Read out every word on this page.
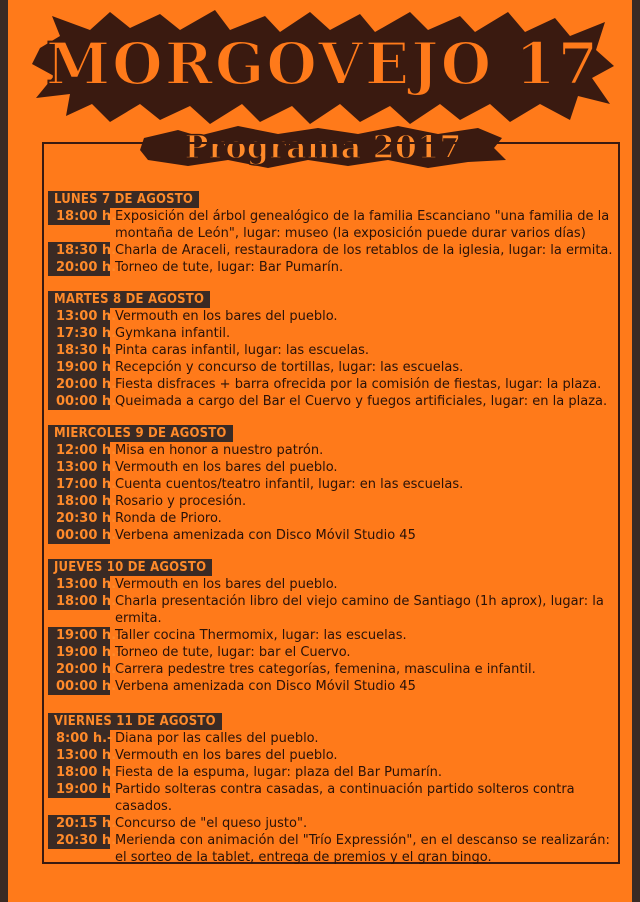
MORGOVEJO 17
Programa 2017
LUNES 7 DE AGOSTO
18:00 h.-
Exposición del árbol genealógico de la familia Escanciano "una familia de la montaña de León", lugar: museo (la exposición puede durar varios días)
18:30 h.-
Charla de Araceli, restauradora de los retablos de la iglesia, lugar: la ermita.
20:00 h.-
Torneo de tute, lugar: Bar Pumarín.
MARTES 8 DE AGOSTO
13:00 h.-
Vermouth en los bares del pueblo.
17:30 h.-
Gymkana infantil.
18:30 h.-
Pinta caras infantil, lugar: las escuelas.
19:00 h.-
Recepción y concurso de tortillas, lugar: las escuelas.
20:00 h.-
Fiesta disfraces + barra ofrecida por la comisión de fiestas, lugar: la plaza.
00:00 h.-
Queimada a cargo del Bar el Cuervo y fuegos artificiales, lugar: en la plaza.
MIERCOLES 9 DE AGOSTO
12:00 h.-
Misa en honor a nuestro patrón.
13:00 h.-
Vermouth en los bares del pueblo.
17:00 h.-
Cuenta cuentos/teatro infantil, lugar: en las escuelas.
18:00 h.-
Rosario y procesión.
20:30 h.-
Ronda de Prioro.
00:00 h.-
Verbena amenizada con Disco Móvil Studio 45
JUEVES 10 DE AGOSTO
13:00 h.-
Vermouth en los bares del pueblo.
18:00 h.-
Charla presentación libro del viejo camino de Santiago (1h aprox), lugar: la ermita.
19:00 h.-
Taller cocina Thermomix, lugar: las escuelas.
19:00 h.-
Torneo de tute, lugar: bar el Cuervo.
20:00 h.-
Carrera pedestre tres categorías, femenina, masculina e infantil.
00:00 h.-
Verbena amenizada con Disco Móvil Studio 45
VIERNES 11 DE AGOSTO
8:00 h.- Diana por las calles del pueblo.
13:00 h.-
Vermouth en los bares del pueblo.
18:00 h.-
Fiesta de la espuma, lugar: plaza del Bar Pumarín.
19:00 h.-
Partido solteras contra casadas, a continuación partido solteros contra casados.
20:15 h.-
Concurso de "el queso justo".
20:30 h.-
Merienda con animación del "Trío Expressión", en el descanso se realizarán: el sorteo de la tablet, entrega de premios y el gran bingo.
